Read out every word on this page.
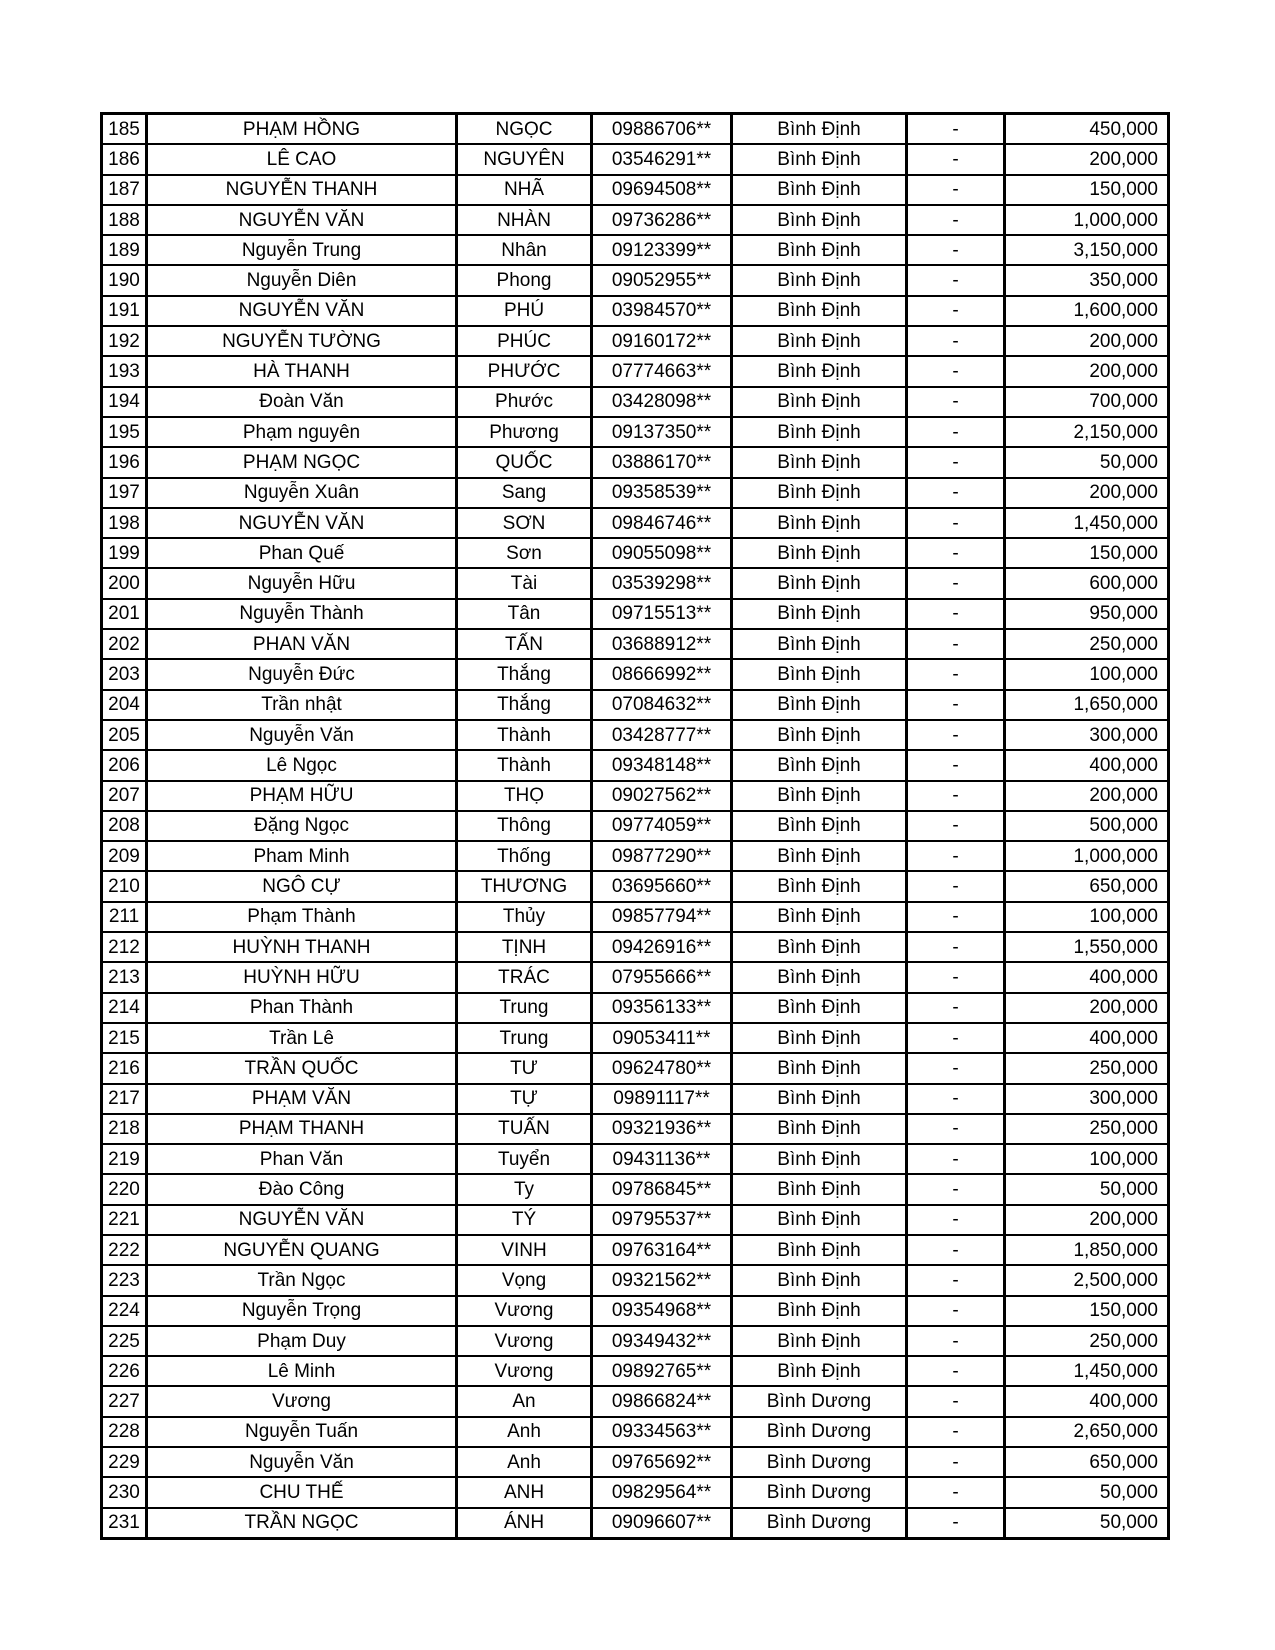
185	PHẠM HỒNG	NGỌC	09886706**	Bình Định	-	450,000
186	LÊ CAO	NGUYÊN	03546291**	Bình Định	-	200,000
187	NGUYỄN THANH	NHÃ	09694508**	Bình Định	-	150,000
188	NGUYỄN VĂN	NHÀN	09736286**	Bình Định	-	1,000,000
189	Nguyễn Trung	Nhân	09123399**	Bình Định	-	3,150,000
190	Nguyễn Diên	Phong	09052955**	Bình Định	-	350,000
191	NGUYỄN VĂN	PHÚ	03984570**	Bình Định	-	1,600,000
192	NGUYỄN TƯỜNG	PHÚC	09160172**	Bình Định	-	200,000
193	HÀ THANH	PHƯỚC	07774663**	Bình Định	-	200,000
194	Đoàn Văn	Phước	03428098**	Bình Định	-	700,000
195	Phạm nguyên	Phương	09137350**	Bình Định	-	2,150,000
196	PHẠM NGỌC	QUỐC	03886170**	Bình Định	-	50,000
197	Nguyễn Xuân	Sang	09358539**	Bình Định	-	200,000
198	NGUYỄN VĂN	SƠN	09846746**	Bình Định	-	1,450,000
199	Phan Quế	Sơn	09055098**	Bình Định	-	150,000
200	Nguyễn Hữu	Tài	03539298**	Bình Định	-	600,000
201	Nguyễn Thành	Tân	09715513**	Bình Định	-	950,000
202	PHAN VĂN	TẤN	03688912**	Bình Định	-	250,000
203	Nguyễn Đức	Thắng	08666992**	Bình Định	-	100,000
204	Trần nhật	Thắng	07084632**	Bình Định	-	1,650,000
205	Nguyễn Văn	Thành	03428777**	Bình Định	-	300,000
206	Lê Ngọc	Thành	09348148**	Bình Định	-	400,000
207	PHẠM HỮU	THỌ	09027562**	Bình Định	-	200,000
208	Đặng Ngọc	Thông	09774059**	Bình Định	-	500,000
209	Pham Minh	Thống	09877290**	Bình Định	-	1,000,000
210	NGÔ CỰ	THƯƠNG	03695660**	Bình Định	-	650,000
211	Phạm Thành	Thủy	09857794**	Bình Định	-	100,000
212	HUỲNH THANH	TỊNH	09426916**	Bình Định	-	1,550,000
213	HUỲNH HỮU	TRÁC	07955666**	Bình Định	-	400,000
214	Phan Thành	Trung	09356133**	Bình Định	-	200,000
215	Trần Lê	Trung	09053411**	Bình Định	-	400,000
216	TRẦN QUỐC	TƯ	09624780**	Bình Định	-	250,000
217	PHẠM VĂN	TỰ	09891117**	Bình Định	-	300,000
218	PHẠM THANH	TUẤN	09321936**	Bình Định	-	250,000
219	Phan Văn	Tuyển	09431136**	Bình Định	-	100,000
220	Đào Công	Ty	09786845**	Bình Định	-	50,000
221	NGUYỄN VĂN	TÝ	09795537**	Bình Định	-	200,000
222	NGUYỄN QUANG	VINH	09763164**	Bình Định	-	1,850,000
223	Trần Ngọc	Vọng	09321562**	Bình Định	-	2,500,000
224	Nguyễn Trọng	Vương	09354968**	Bình Định	-	150,000
225	Phạm Duy	Vương	09349432**	Bình Định	-	250,000
226	Lê Minh	Vương	09892765**	Bình Định	-	1,450,000
227	Vương	An	09866824**	Bình Dương	-	400,000
228	Nguyễn Tuấn	Anh	09334563**	Bình Dương	-	2,650,000
229	Nguyễn Văn	Anh	09765692**	Bình Dương	-	650,000
230	CHU THẾ	ANH	09829564**	Bình Dương	-	50,000
231	TRẦN NGỌC	ÁNH	09096607**	Bình Dương	-	50,000
